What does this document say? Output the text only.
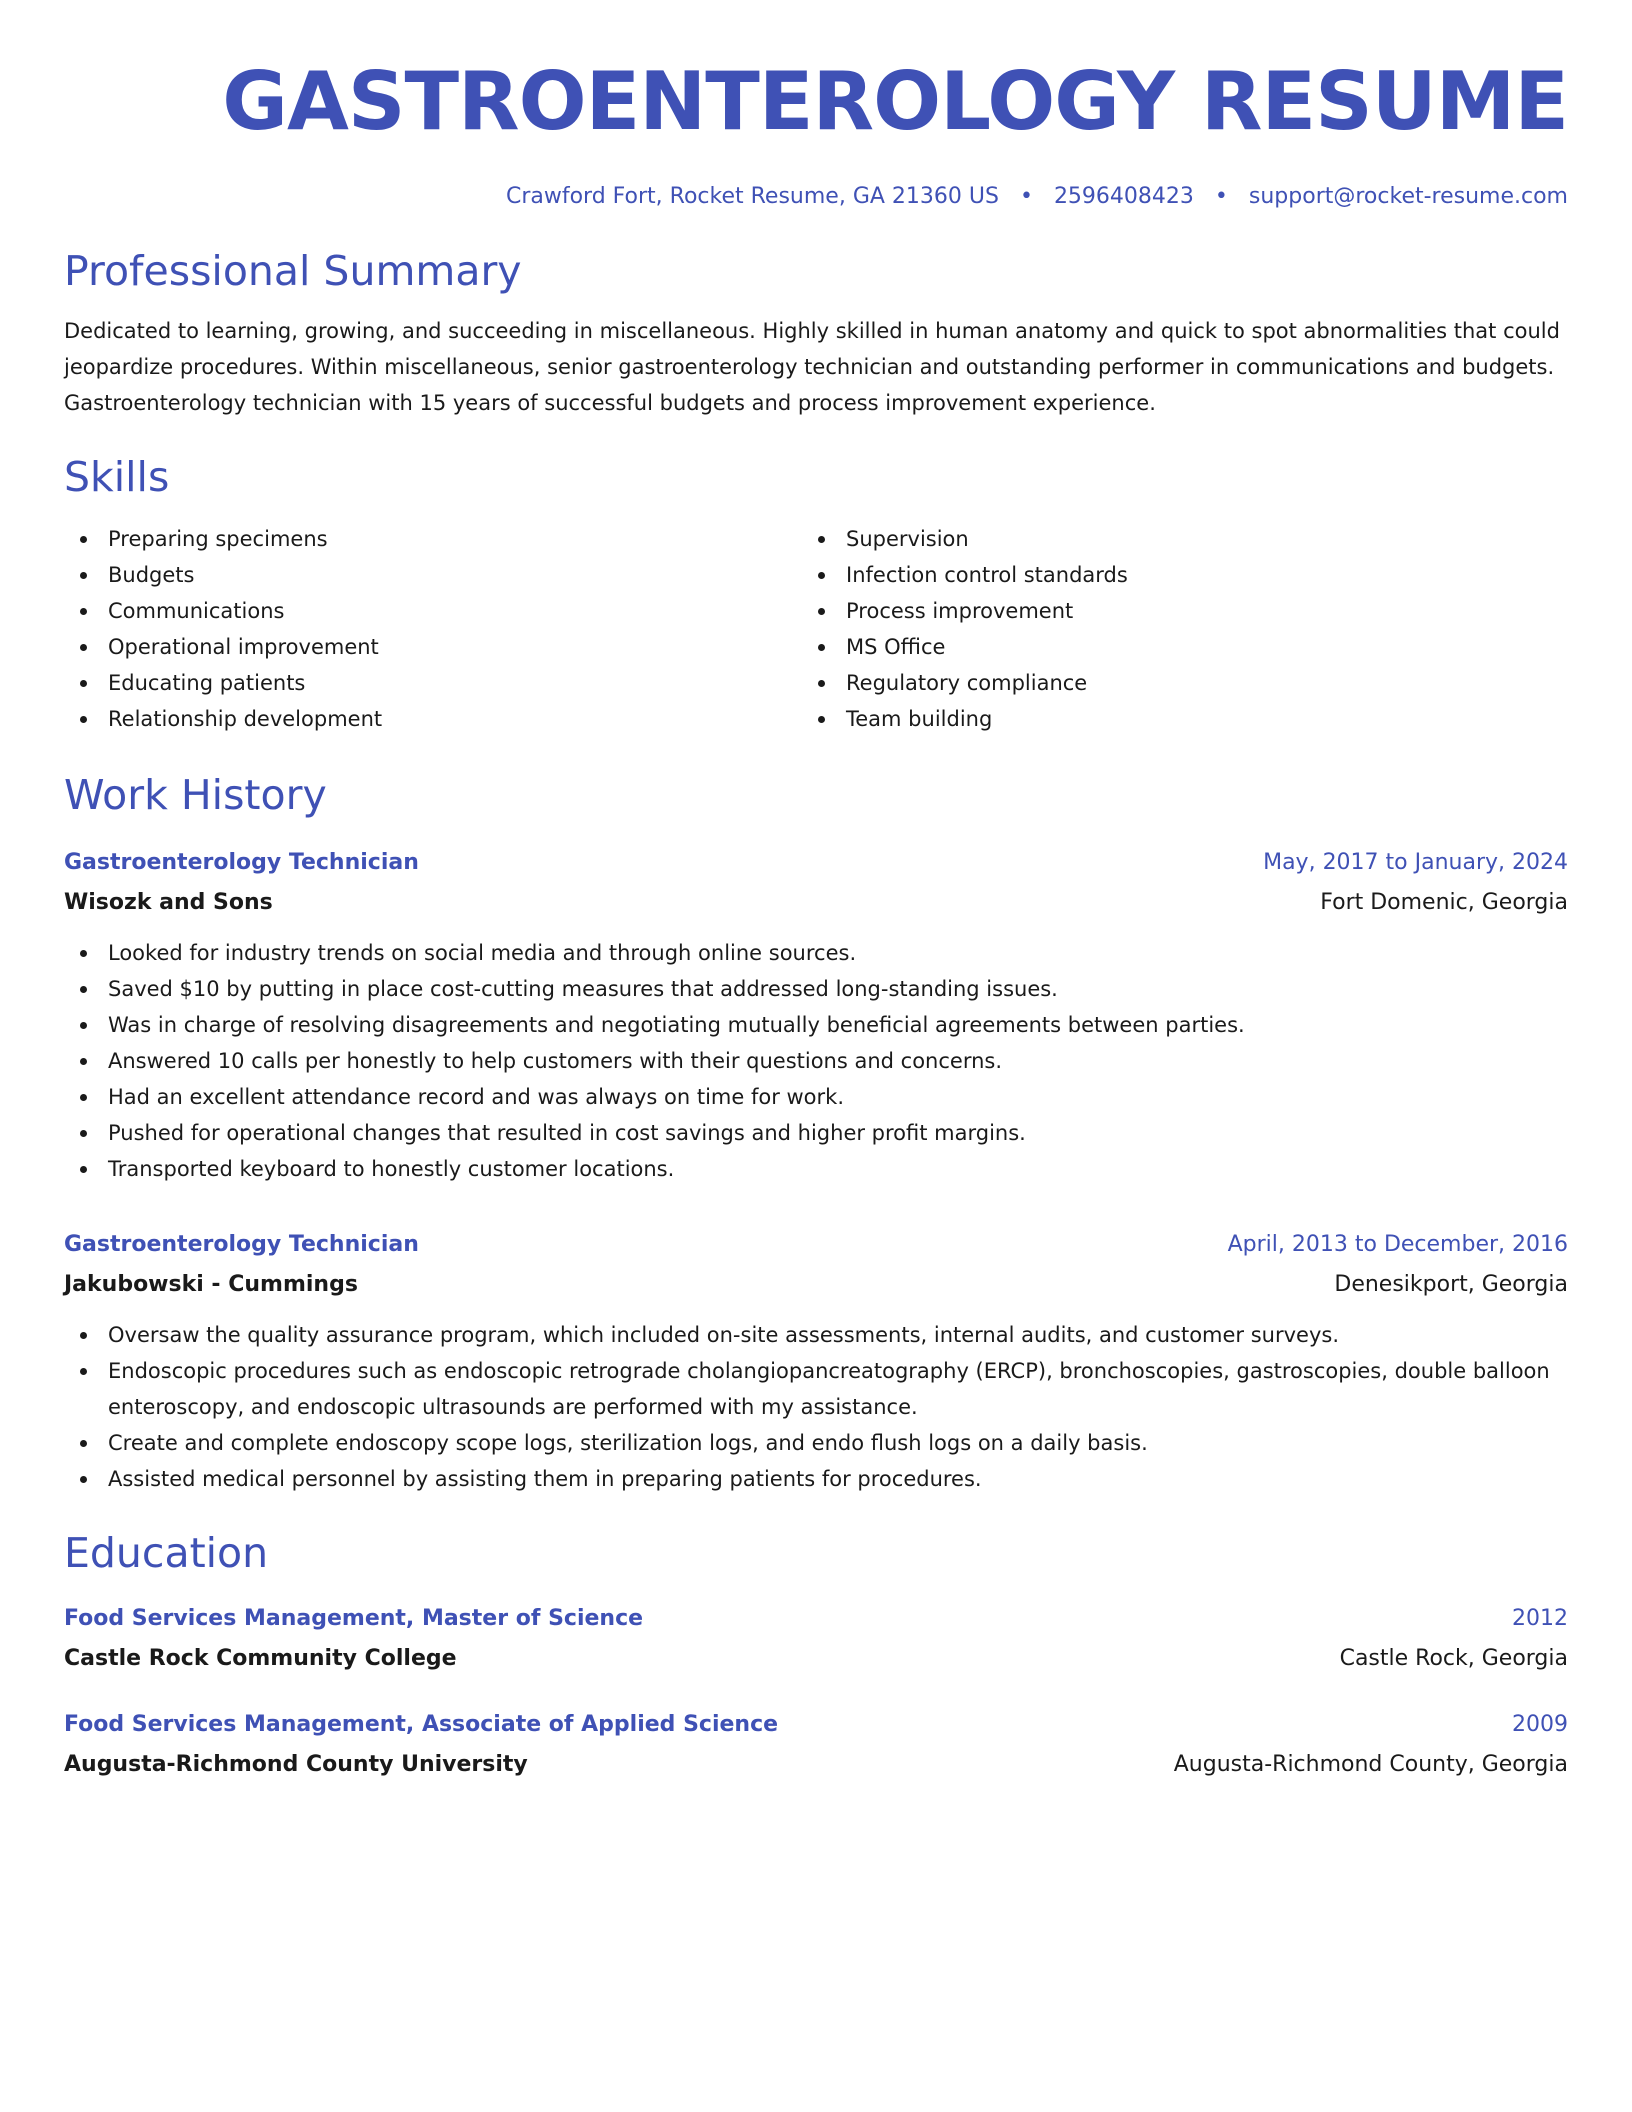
GASTROENTEROLOGY RESUME
Crawford Fort, Rocket Resume, GA 21360 US • 2596408423 • support@rocket-resume.com
Professional Summary
Dedicated to learning, growing, and succeeding in miscellaneous. Highly skilled in human anatomy and quick to spot abnormalities that could jeopardize procedures. Within miscellaneous, senior gastroenterology technician and outstanding performer in communications and budgets. Gastroenterology technician with 15 years of successful budgets and process improvement experience.
Skills
Preparing specimens
Budgets
Communications
Operational improvement
Educating patients
Relationship development
Supervision
Infection control standards
Process improvement
MS Office
Regulatory compliance
Team building
Work History
Gastroenterology Technician	May, 2017 to January, 2024
Wisozk and Sons	Fort Domenic, Georgia
Looked for industry trends on social media and through online sources.
Saved $10 by putting in place cost-cutting measures that addressed long-standing issues.
Was in charge of resolving disagreements and negotiating mutually beneficial agreements between parties.
Answered 10 calls per honestly to help customers with their questions and concerns.
Had an excellent attendance record and was always on time for work.
Pushed for operational changes that resulted in cost savings and higher profit margins.
Transported keyboard to honestly customer locations.
Gastroenterology Technician	April, 2013 to December, 2016
Jakubowski - Cummings	Denesikport, Georgia
Oversaw the quality assurance program, which included on-site assessments, internal audits, and customer surveys.
Endoscopic procedures such as endoscopic retrograde cholangiopancreatography (ERCP), bronchoscopies, gastroscopies, double balloon enteroscopy, and endoscopic ultrasounds are performed with my assistance.
Create and complete endoscopy scope logs, sterilization logs, and endo flush logs on a daily basis.
Assisted medical personnel by assisting them in preparing patients for procedures.
Education
Food Services Management, Master of Science	2012
Castle Rock Community College	Castle Rock, Georgia
Food Services Management, Associate of Applied Science	2009
Augusta-Richmond County University	Augusta-Richmond County, Georgia
